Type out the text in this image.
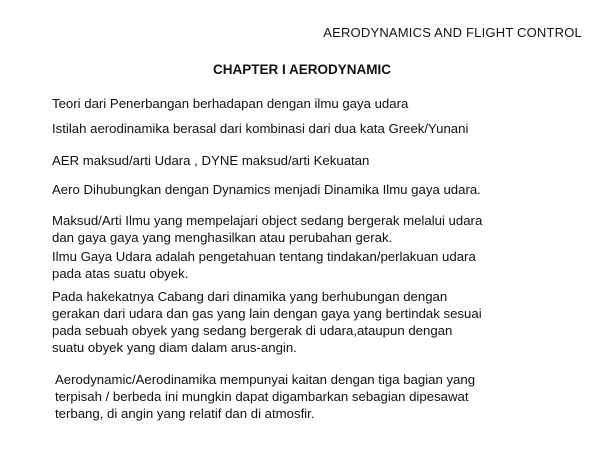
AERODYNAMICS AND FLIGHT CONTROL
CHAPTER I AERODYNAMIC

Teori dari Penerbangan berhadapan dengan ilmu gaya udara

Istilah aerodinamika berasal dari kombinasi dari dua kata Greek/Yunani

AER maksud/arti Udara , DYNE maksud/arti Kekuatan

Aero Dihubungkan dengan Dynamics menjadi Dinamika Ilmu gaya udara.

Maksud/Arti Ilmu yang mempelajari object sedang bergerak melalui udara
dan gaya gaya yang menghasilkan atau perubahan gerak.

Ilmu Gaya Udara adalah pengetahuan tentang tindakan/perlakuan udara
pada atas suatu obyek.

Pada hakekatnya Cabang dari dinamika yang berhubungan dengan
gerakan dari udara dan gas yang lain dengan gaya yang bertindak sesuai
pada sebuah obyek yang sedang bergerak di udara,ataupun dengan
suatu obyek yang diam dalam arus-angin.

Aerodynamic/Aerodinamika mempunyai kaitan dengan tiga bagian yang
terpisah / berbeda ini mungkin dapat digambarkan sebagian dipesawat
terbang, di angin yang relatif dan di atmosfir.
